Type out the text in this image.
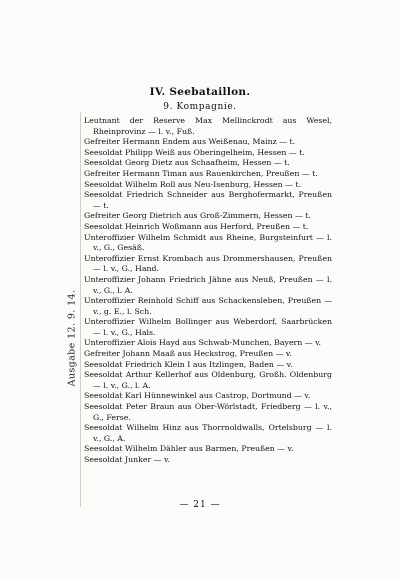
Ausgabe 12. 9. 14.
IV. Seebataillon.
9. Kompagnie.
Leutnant der Reserve Max Mellinckrodt aus Wesel, Rheinprovinz — l. v., Fuß.
Gefreiter Hermann Endem aus Weißenau, Mainz — t.
Seesoldat Philipp Weiß aus Oberingelheim, Hessen — t.
Seesoldat Georg Dietz aus Schaafheim, Hessen — t.
Gefreiter Hermann Timan aus Rauenkirchen, Preußen — t.
Seesoldat Wilhelm Roll aus Neu-Isenburg, Hessen — t.
Seesoldat Friedrich Schneider aus Berghofermarkt, Preußen — t.
Gefreiter Georg Dietrich aus Groß-Zimmern, Hessen — t.
Seesoldat Heinrich Woßmann aus Herford, Preußen — t.
Unteroffizier Wilhelm Schmidt aus Rheine, Burgsteinfurt — l. v., G., Gesäß.
Unteroffizier Ernst Krombach aus Drommershausen, Preußen — l. v., G., Hand.
Unteroffizier Johann Friedrich Jähne aus Neuß, Preußen — l. v., G., l. A.
Unteroffizier Reinhold Schiff aus Schackensleben, Preußen — v., g. E., l. Sch.
Unteroffizier Wilhelm Bollinger aus Weberdorf, Saarbrücken — l. v., G., Hals.
Unteroffizier Alois Hayd aus Schwab-Munchen, Bayern — v.
Gefreiter Johann Maaß aus Heckstrog, Preußen — v.
Seesoldat Friedrich Klein I aus Itzlingen, Baden — v.
Seesoldat Arthur Kellerhof aus Oldenburg, Großh. Oldenburg — l. v., G., l. A.
Seesoldat Karl Hünnewinkel aus Castrop, Dortmund — v.
Seesoldat Peter Braun aus Ober-Wörlstadt, Friedberg — l. v., G., Ferse.
Seesoldat Wilhelm Hinz aus Thorrnoldwalls, Ortelsburg — l. v., G., A.
Seesoldat Wilhelm Dähler aus Barmen, Preußen — v.
Seesoldat Junker — v.
— 21 —
